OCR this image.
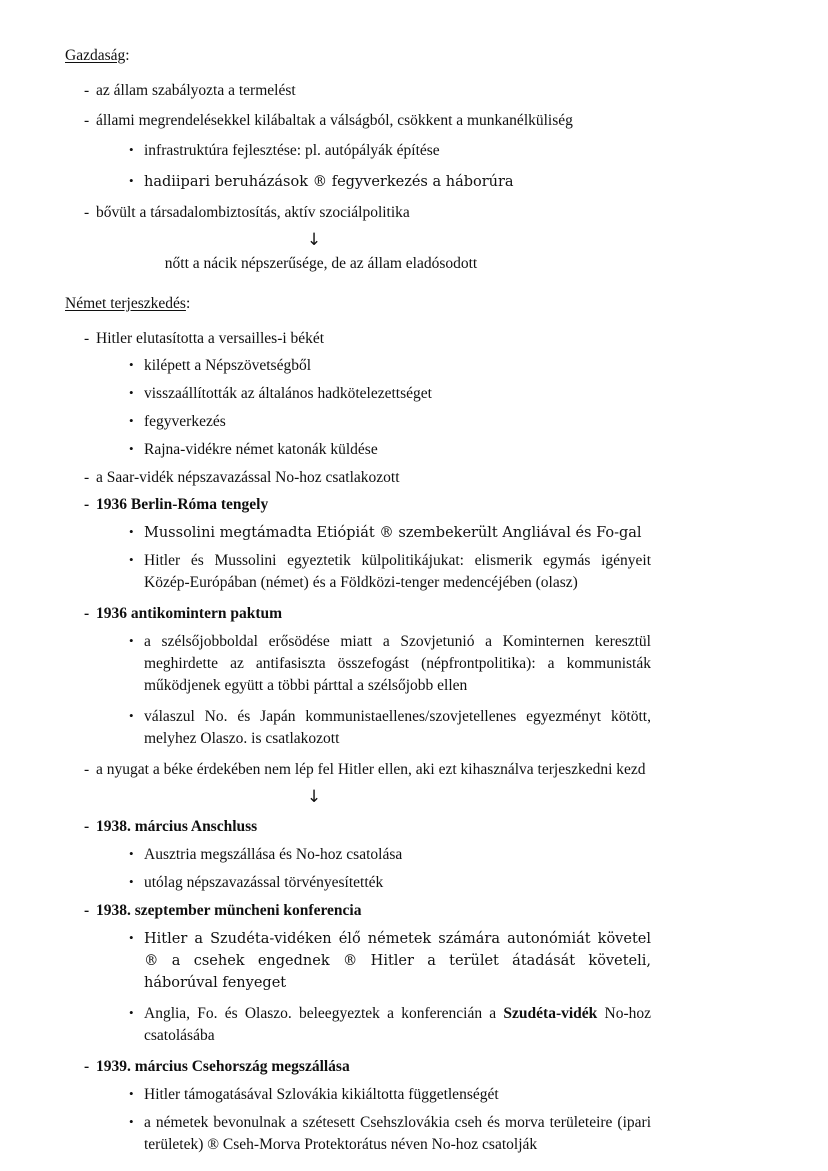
Gazdaság:

- az állam szabályozta a termelést

- állami megrendelésekkel kilábaltak a válságból, csökkent a munkanélküliség

• infrastruktúra fejlesztése: pl. autópályák építése

• hadiipari beruházások ® fegyverkezés a háborúra

- bővült a társadalombiztosítás, aktív szociálpolitika

↓

nőtt a nácik népszerűsége, de az állam eladósodott

Német terjeszkedés:

- Hitler elutasította a versailles-i békét

• kilépett a Népszövetségből

• visszaállították az általános hadkötelezettséget

• fegyverkezés

• Rajna-vidékre német katonák küldése

- a Saar-vidék népszavazással No-hoz csatlakozott

- 1936 Berlin-Róma tengely

• Mussolini megtámadta Etiópiát ® szembekerült Angliával és Fo-gal

• Hitler és Mussolini egyeztetik külpolitikájukat: elismerik egymás igényeit Közép-Európában (német) és a Földközi-tenger medencéjében (olasz)

- 1936 antikomintern paktum

• a szélsőjobboldal erősödése miatt a Szovjetunió a Kominternen keresztül meghirdette az antifasiszta összefogást (népfrontpolitika): a kommunisták működjenek együtt a többi párttal a szélsőjobb ellen

• válaszul No. és Japán kommunistaellenes/szovjetellenes egyezményt kötött, melyhez Olaszo. is csatlakozott

- a nyugat a béke érdekében nem lép fel Hitler ellen, aki ezt kihasználva terjeszkedni kezd

↓

- 1938. március Anschluss

• Ausztria megszállása és No-hoz csatolása

• utólag népszavazással törvényesítették

- 1938. szeptember müncheni konferencia

• Hitler a Szudéta-vidéken élő németek számára autonómiát követel ® a csehek engednek ® Hitler a terület átadását követeli, háborúval fenyeget

• Anglia, Fo. és Olaszo. beleegyeztek a konferencián a Szudéta-vidék No-hoz csatolásába

- 1939. március Csehország megszállása

• Hitler támogatásával Szlovákia kikiáltotta függetlenségét

• a németek bevonulnak a szétesett Csehszlovákia cseh és morva területeire (ipari területek) ® Cseh-Morva Protektorátus néven No-hoz csatolják
